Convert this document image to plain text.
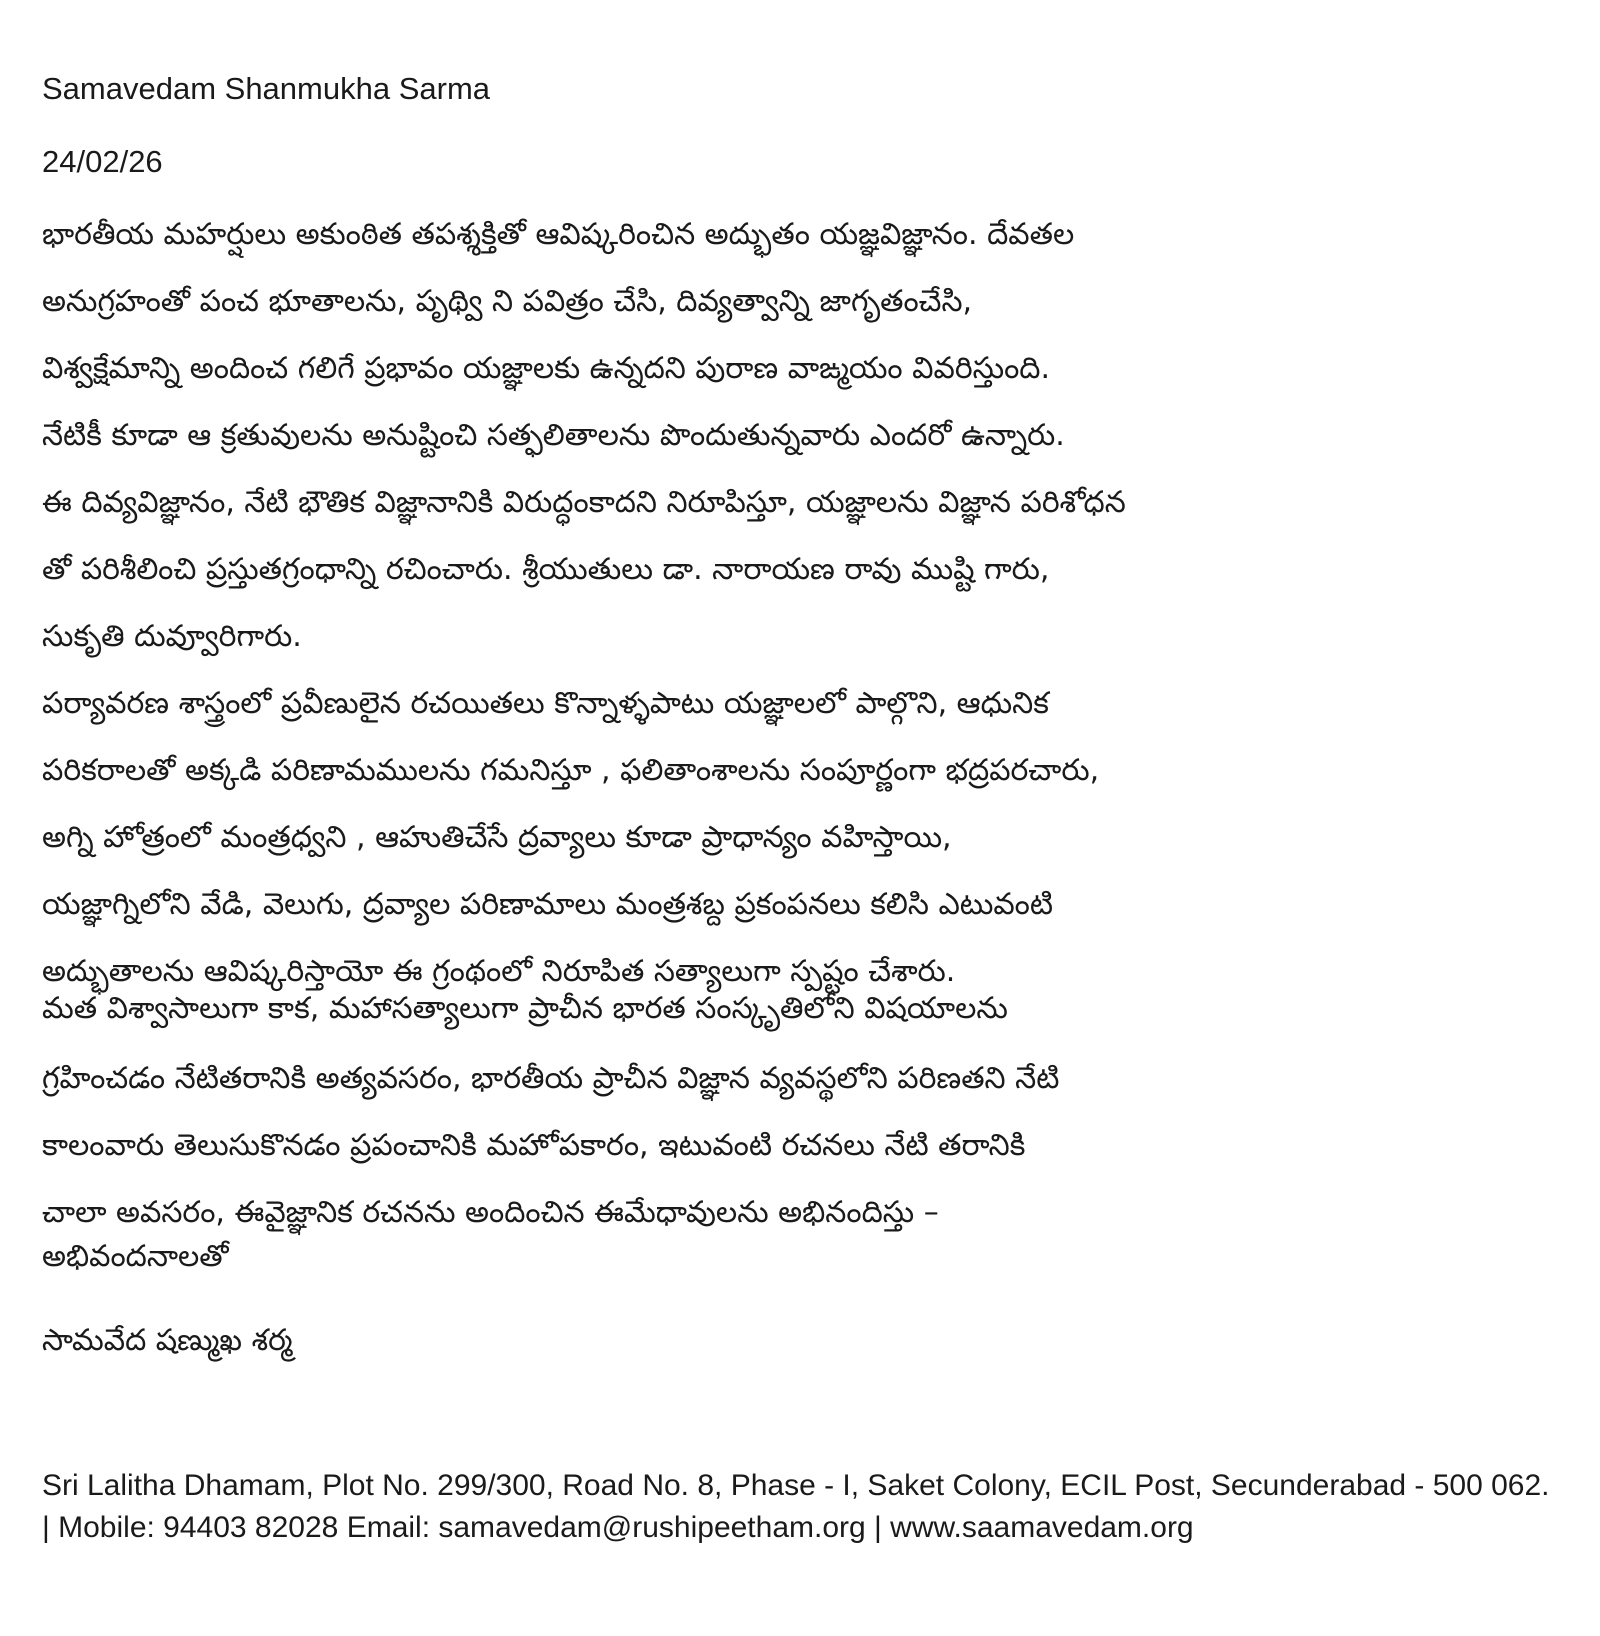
Samavedam Shanmukha Sarma
24/02/26
భారతీయ మహర్షులు అకుంఠిత తపశ్శక్తితో ఆవిష్కరించిన అద్భుతం యజ్ఞవిజ్ఞానం. దేవతల
అనుగ్రహంతో పంచ భూతాలను, పృథ్వి ని పవిత్రం చేసి, దివ్యత్వాన్ని జాగృతంచేసి,
విశ్వక్షేమాన్ని అందించ గలిగే ప్రభావం యజ్ఞాలకు ఉన్నదని పురాణ వాఙ్మయం వివరిస్తుంది.
నేటికీ కూడా ఆ క్రతువులను అనుష్టించి సత్ఫలితాలను పొందుతున్నవారు ఎందరో ఉన్నారు.
ఈ దివ్యవిజ్ఞానం, నేటి భౌతిక విజ్ఞానానికి విరుద్ధంకాదని నిరూపిస్తూ, యజ్ఞాలను విజ్ఞాన పరిశోధన
తో పరిశీలించి ప్రస్తుతగ్రంధాన్ని రచించారు. శ్రీయుతులు డా. నారాయణ రావు ముష్టి గారు,
సుకృతి దువ్వూరిగారు.
పర్యావరణ శాస్త్రంలో ప్రవీణులైన రచయితలు కొన్నాళ్ళపాటు యజ్ఞాలలో పాల్గొని, ఆధునిక
పరికరాలతో అక్కడి పరిణామములను గమనిస్తూ , ఫలితాంశాలను సంపూర్ణంగా భద్రపరచారు,
అగ్ని హోత్రంలో మంత్రధ్వని , ఆహుతిచేసే ద్రవ్యాలు కూడా ప్రాధాన్యం వహిస్తాయి,
యజ్ఞాగ్నిలోని వేడి, వెలుగు, ద్రవ్యాల పరిణామాలు మంత్రశబ్ద ప్రకంపనలు కలిసి ఎటువంటి
అద్భుతాలను ఆవిష్కరిస్తాయో ఈ గ్రంథంలో నిరూపిత సత్యాలుగా స్పష్టం చేశారు.
మత విశ్వాసాలుగా కాక, మహాసత్యాలుగా ప్రాచీన భారత సంస్కృతిలోని విషయాలను
గ్రహించడం నేటితరానికి అత్యవసరం, భారతీయ ప్రాచీన విజ్ఞాన వ్యవస్థలోని పరిణతని నేటి
కాలంవారు తెలుసుకొనడం ప్రపంచానికి మహోపకారం, ఇటువంటి రచనలు నేటి తరానికి
చాలా అవసరం, ఈవైజ్ఞానిక రచనను అందించిన ఈమేధావులను అభినందిస్తు –
అభివందనాలతో
సామవేద షణ్ముఖ శర్మ
Sri Lalitha Dhamam, Plot No. 299/300, Road No. 8, Phase - I, Saket Colony, ECIL Post, Secunderabad - 500 062. | Mobile: 94403 82028 Email: samavedam@rushipeetham.org | www.saamavedam.org
